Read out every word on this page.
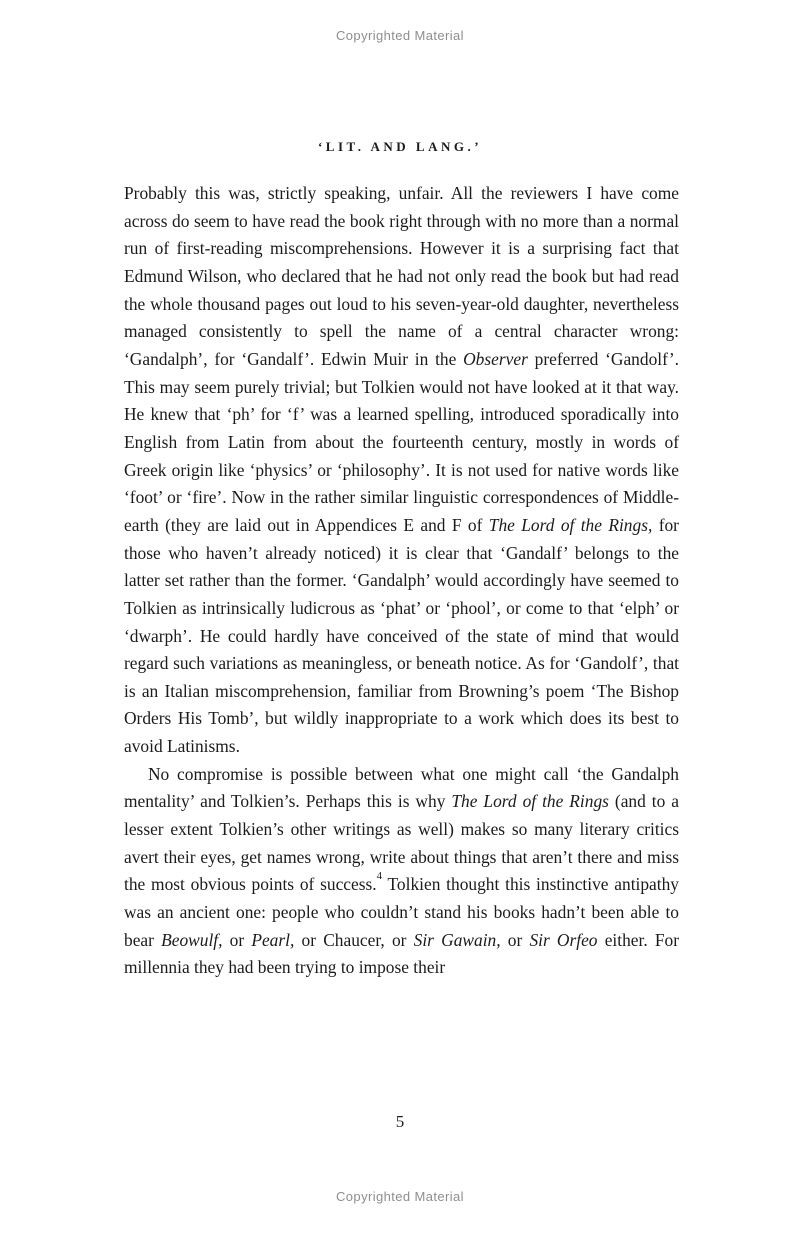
Copyrighted Material
‘LIT. AND LANG.’

Probably this was, strictly speaking, unfair. All the reviewers I have come across do seem to have read the book right through with no more than a normal run of first-reading miscomprehensions. However it is a surprising fact that Edmund Wilson, who declared that he had not only read the book but had read the whole thousand pages out loud to his seven-year-old daughter, nevertheless managed consistently to spell the name of a central character wrong: ‘Gandalph’, for ‘Gandalf’. Edwin Muir in the Observer preferred ‘Gandolf’. This may seem purely trivial; but Tolkien would not have looked at it that way. He knew that ‘ph’ for ‘f’ was a learned spelling, introduced sporadically into English from Latin from about the fourteenth century, mostly in words of Greek origin like ‘physics’ or ‘philosophy’. It is not used for native words like ‘foot’ or ‘fire’. Now in the rather similar linguistic correspondences of Middle-earth (they are laid out in Appendices E and F of The Lord of the Rings, for those who haven’t already noticed) it is clear that ‘Gandalf’ belongs to the latter set rather than the former. ‘Gandalph’ would accordingly have seemed to Tolkien as intrinsically ludicrous as ‘phat’ or ‘phool’, or come to that ‘elph’ or ‘dwarph’. He could hardly have conceived of the state of mind that would regard such variations as meaningless, or beneath notice. As for ‘Gandolf’, that is an Italian miscomprehension, familiar from Browning’s poem ‘The Bishop Orders His Tomb’, but wildly inappropriate to a work which does its best to avoid Latinisms.

No compromise is possible between what one might call ‘the Gandalph mentality’ and Tolkien’s. Perhaps this is why The Lord of the Rings (and to a lesser extent Tolkien’s other writings as well) makes so many literary critics avert their eyes, get names wrong, write about things that aren’t there and miss the most obvious points of success.$^4$ Tolkien thought this instinctive antipathy was an ancient one: people who couldn’t stand his books hadn’t been able to bear Beowulf, or Pearl, or Chaucer, or Sir Gawain, or Sir Orfeo either. For millennia they had been trying to impose their

5
Copyrighted Material
